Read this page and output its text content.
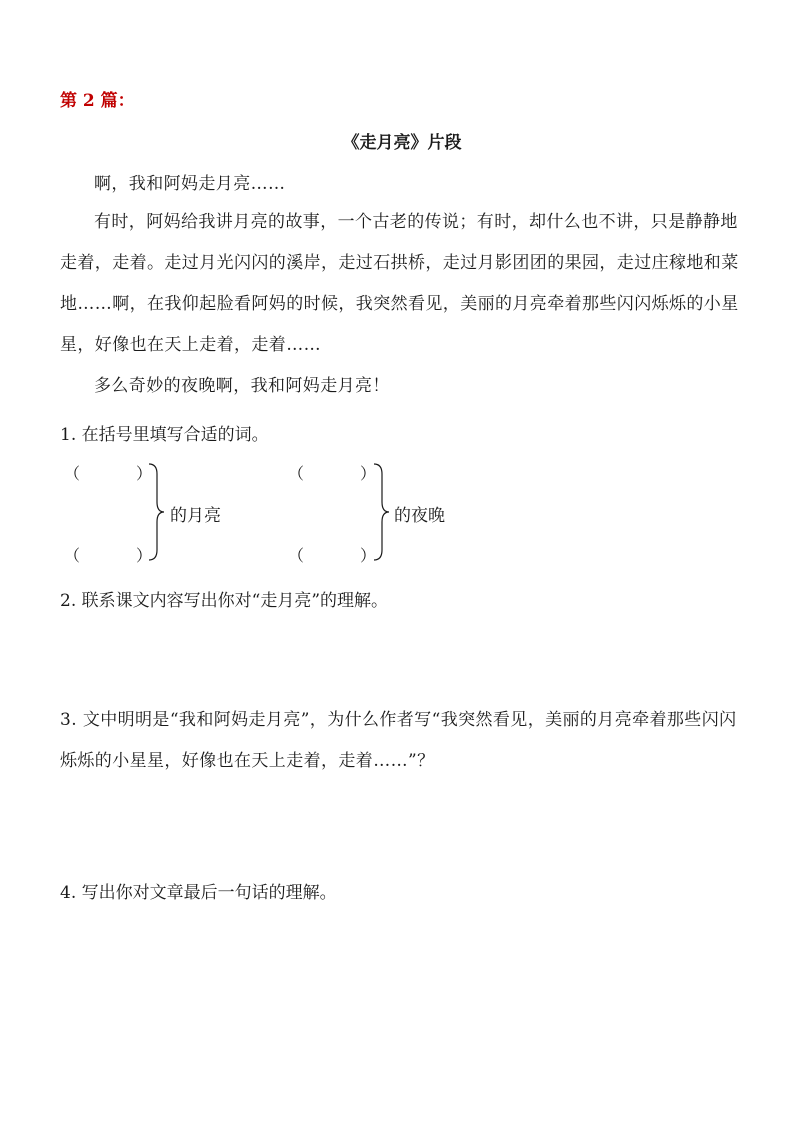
第 2 篇：
《走月亮》片段
啊，我和阿妈走月亮……
有时，阿妈给我讲月亮的故事，一个古老的传说；有时，却什么也不讲，只是静静地走着，走着。走过月光闪闪的溪岸，走过石拱桥，走过月影团团的果园，走过庄稼地和菜地……啊，在我仰起脸看阿妈的时候，我突然看见，美丽的月亮牵着那些闪闪烁烁的小星星，好像也在天上走着，走着……
多么奇妙的夜晚啊，我和阿妈走月亮！
1. 在括号里填写合适的词。
（	）
（	）
的月亮
（	）
（	）
的夜晚
2. 联系课文内容写出你对“走月亮”的理解。
3. 文中明明是“我和阿妈走月亮”，为什么作者写“我突然看见，美丽的月亮牵着那些闪闪烁烁的小星星，好像也在天上走着，走着……”？
4. 写出你对文章最后一句话的理解。
